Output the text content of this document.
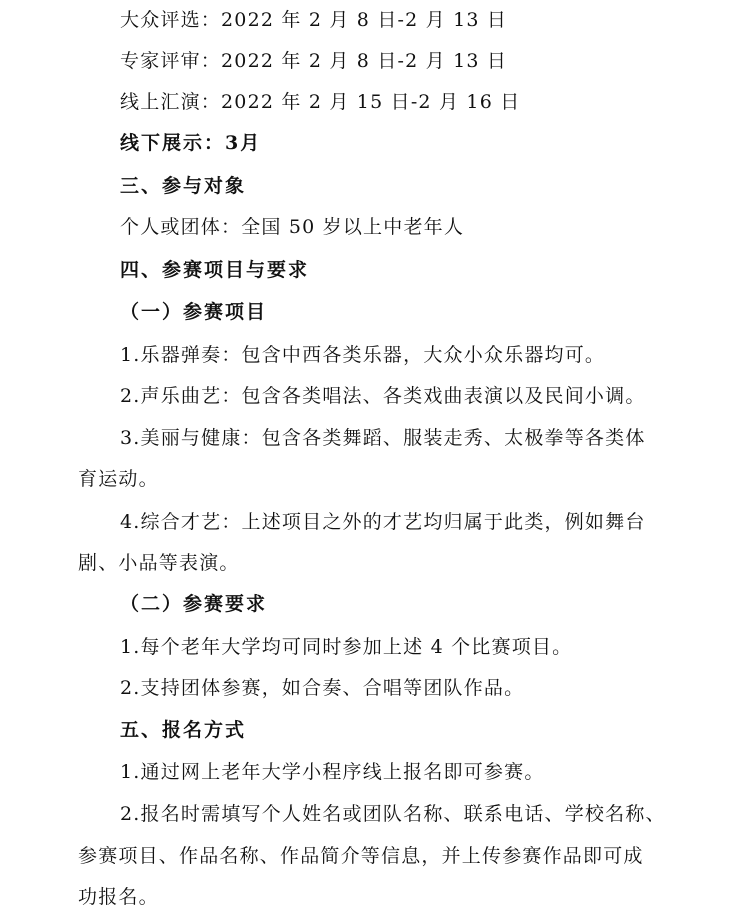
大众评选：2022 年 2 月 8 日-2 月 13 日
专家评审：2022 年 2 月 8 日-2 月 13 日
线上汇演：2022 年 2 月 15 日-2 月 16 日
线下展示：3月
三、参与对象
个人或团体：全国 50 岁以上中老年人
四、参赛项目与要求
（一）参赛项目
1.乐器弹奏：包含中西各类乐器，大众小众乐器均可。
2.声乐曲艺：包含各类唱法、各类戏曲表演以及民间小调。
3.美丽与健康：包含各类舞蹈、服装走秀、太极拳等各类体
育运动。
4.综合才艺：上述项目之外的才艺均归属于此类，例如舞台
剧、小品等表演。
（二）参赛要求
1.每个老年大学均可同时参加上述 4 个比赛项目。
2.支持团体参赛，如合奏、合唱等团队作品。
五、报名方式
1.通过网上老年大学小程序线上报名即可参赛。
2.报名时需填写个人姓名或团队名称、联系电话、学校名称、
参赛项目、作品名称、作品简介等信息，并上传参赛作品即可成
功报名。
